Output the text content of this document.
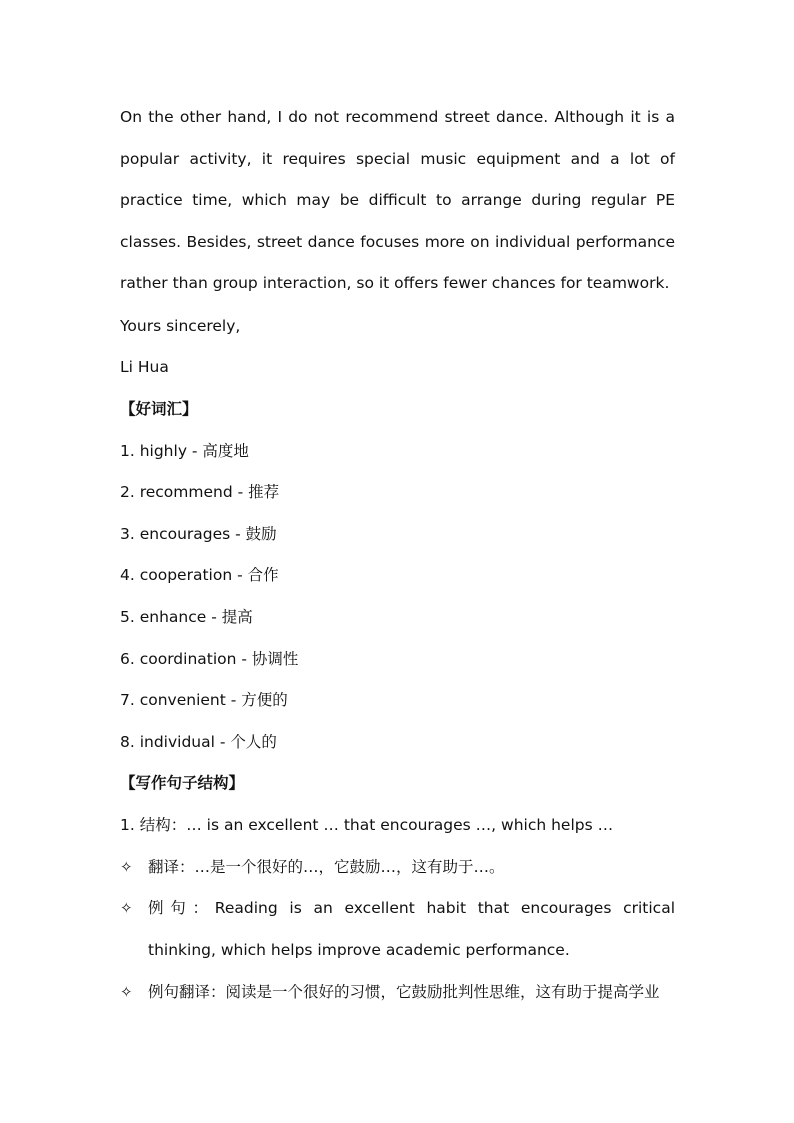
On the other hand, I do not recommend street dance. Although it is a popular activity, it requires special music equipment and a lot of practice time, which may be difficult to arrange during regular PE classes. Besides, street dance focuses more on individual performance rather than group interaction, so it offers fewer chances for teamwork.
Yours sincerely,
Li Hua
【好词汇】
1. highly - 高度地
2. recommend - 推荐
3. encourages - 鼓励
4. cooperation - 合作
5. enhance - 提高
6. coordination - 协调性
7. convenient - 方便的
8. individual - 个人的
【写作句子结构】
1. 结构：… is an excellent … that encourages …, which helps …
✧ 翻译：…是一个很好的…，它鼓励…，这有助于…。
✧ 例句：Reading is an excellent habit that encourages critical thinking, which helps improve academic performance.
✧ 例句翻译：阅读是一个很好的习惯，它鼓励批判性思维，这有助于提高学业
